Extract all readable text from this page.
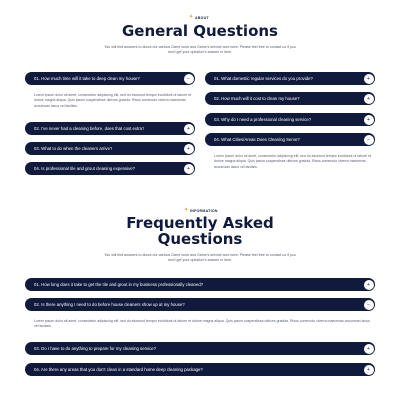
✦ ABOUT
General Questions
You will find answers to about our various Garre work and Game's service and more. Please feel free to contact us if you don't get your question's answer in here.
01. How much time will it take to deep clean my house?	−
Lorem ipsum dolor sit amet, consectetur adipiscing elit, sed do eiusmod tempor incididunt ut labore et dolore magna aliqua. Quis ipsum suspendisse ultrices gravida. Risus commodo viverra maecenas accumsan lacus vel facilisis.
02. I've never had a cleaning before, does that cost extra?	+
03. What to do when the cleaners arrive?	+
04. Is professional tile and grout cleaning expensive?	+
01. What domestic regular services do you provide?	+
02. How much will it cost to clean my house?	+
03. Why do I need a professional cleaning service?	+
04. What Cities/Areas Does Cleaning Serve?	−
Lorem ipsum dolor sit amet, consectetur adipiscing elit, sed do eiusmod tempor incididunt ut labore et dolore magna aliqua. Quis ipsum suspendisse ultrices gravida. Risus commodo viverra maecenas accumsan lacus vel facilisis.
✦ INFORMATION
Frequently Asked
Questions
You will find answers to about our various Garre work and Game's service and more. Please feel free to contact us if you don't get your question's answer in here.
01. How long does it take to get the tile and grout in my business professionally cleaned?	+
02. Is there anything I need to do before house cleaners show up at my house?	−
Lorem ipsum dolor sit amet, consectetur adipiscing elit, sed do eiusmod tempor incididunt ut labore et dolore magna aliqua. Quis ipsum suspendisse ultrices gravida. Risus commodo viverra maecenas accumsan lacus vel facilisis.
03. Do I have to do anything to prepare for my cleaning service?	+
04. Are there any areas that you don't clean in a standard home deep cleaning package?	+
